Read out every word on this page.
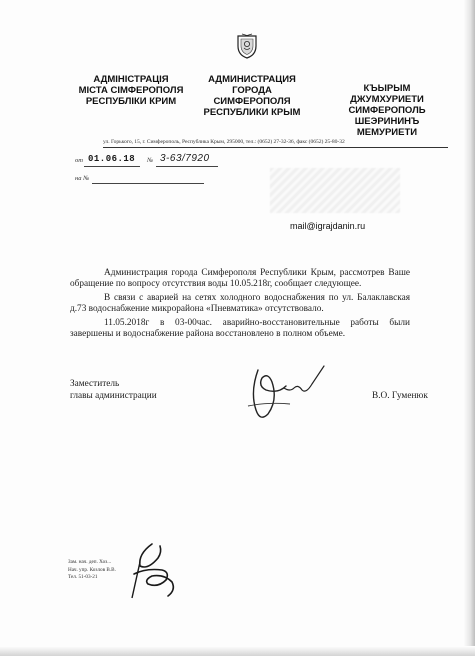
АДМІНІСТРАЦІЯ
МІСТА СІМФЕРОПОЛЯ
РЕСПУБЛІКИ КРИМ
АДМИНИСТРАЦИЯ
ГОРОДА
СИМФЕРОПОЛЯ
РЕСПУБЛИКИ КРЫМ
КЪЫРЫМ
ДЖУМХУРИЕТИ
СИМФЕРОПОЛЬ
ШЕЭРИНИНЪ
МЕМУРИЕТИ
ул. Горького, 15, г. Симферополь, Республика Крым, 295000, тел.: (0652) 27-32-36, факс (0652) 25-80-32
от 01.06.18 № 3-63/7920
на №
mail@igrajdanin.ru
Администрация города Симферополя Республики Крым, рассмотрев Ваше обращение по вопросу отсутствия воды 10.05.218г, сообщает следующее.
В связи с аварией на сетях холодного водоснабжения по ул. Балаклавская д.73 водоснабжение микрорайона «Пневматика» отсутствовало.
11.05.2018г в 03-00час. аварийно-восстановительные работы были завершены и водоснабжение района восстановлено в полном объеме.
Заместитель
главы администрации	В.О. Гуменюк
Зам. нач. деп. Хоз...
Нач. упр. Козлов В.В.
Тел. 51-03-21
